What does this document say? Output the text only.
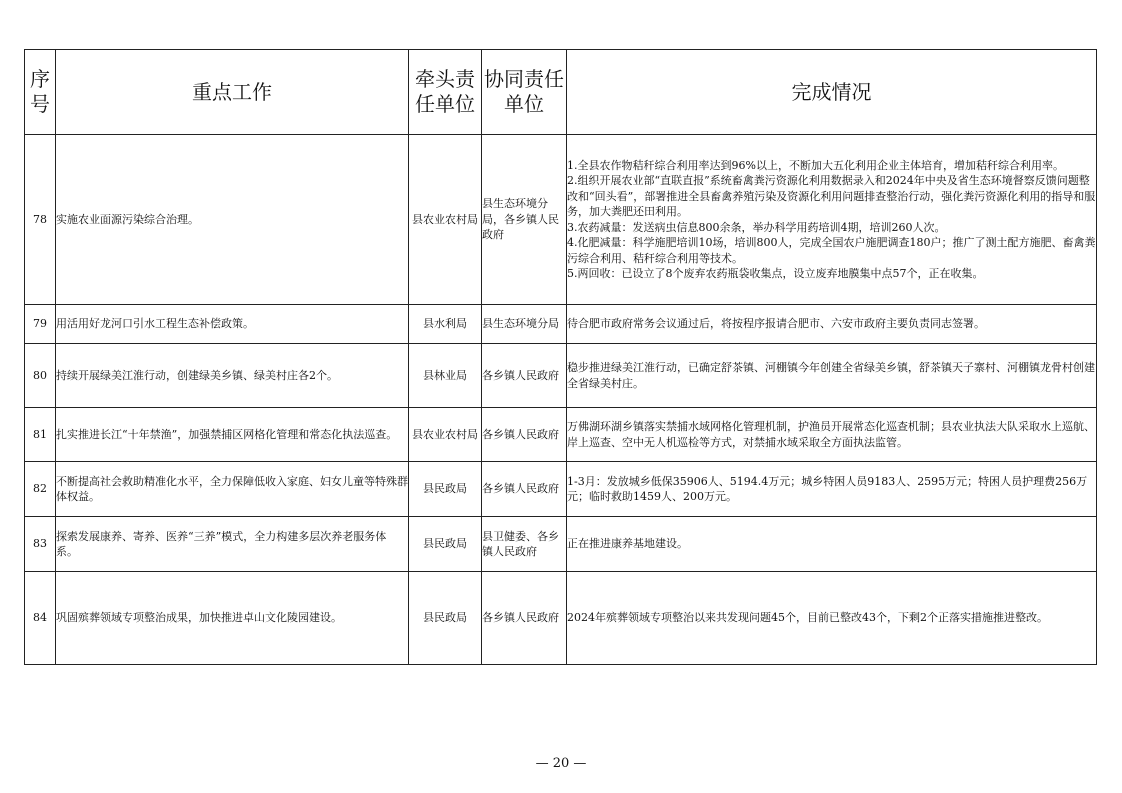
序号	重点工作	牵头责任单位	协同责任单位	完成情况
78	实施农业面源污染综合治理。	县农业农村局	县生态环境分局，各乡镇人民政府	1.全县农作物秸秆综合利用率达到96%以上，不断加大五化利用企业主体培育，增加秸秆综合利用率。
2.组织开展农业部“直联直报”系统畜禽粪污资源化利用数据录入和2024年中央及省生态环境督察反馈问题整改和“回头看”，部署推进全县畜禽养殖污染及资源化利用问题排查整治行动，强化粪污资源化利用的指导和服务，加大粪肥还田利用。
3.农药减量：发送病虫信息800余条，举办科学用药培训4期，培训260人次。
4.化肥减量：科学施肥培训10场，培训800人，完成全国农户施肥调查180户；推广了测土配方施肥、畜禽粪污综合利用、秸秆综合利用等技术。
5.两回收：已设立了8个废弃农药瓶袋收集点，设立废弃地膜集中点57个，正在收集。

79	用活用好龙河口引水工程生态补偿政策。	县水利局	县生态环境分局	待合肥市政府常务会议通过后，将按程序报请合肥市、六安市政府主要负责同志签署。

80	持续开展绿美江淮行动，创建绿美乡镇、绿美村庄各2个。	县林业局	各乡镇人民政府	稳步推进绿美江淮行动，已确定舒茶镇、河棚镇今年创建全省绿美乡镇，舒茶镇天子寨村、河棚镇龙骨村创建全省绿美村庄。

81	扎实推进长江“十年禁渔”，加强禁捕区网格化管理和常态化执法巡查。	县农业农村局	各乡镇人民政府	万佛湖环湖乡镇落实禁捕水域网格化管理机制，护渔员开展常态化巡查机制；县农业执法大队采取水上巡航、岸上巡查、空中无人机巡检等方式，对禁捕水域采取全方面执法监管。

82	不断提高社会救助精准化水平，全力保障低收入家庭、妇女儿童等特殊群体权益。	县民政局	各乡镇人民政府	1-3月：发放城乡低保35906人、5194.4万元；城乡特困人员9183人、2595万元；特困人员护理费256万元；临时救助1459人、200万元。

83	探索发展康养、寄养、医养“三养”模式，全力构建多层次养老服务体系。	县民政局	县卫健委、各乡镇人民政府	正在推进康养基地建设。

84	巩固殡葬领域专项整治成果，加快推进卓山文化陵园建设。	县民政局	各乡镇人民政府	2024年殡葬领域专项整治以来共发现问题45个，目前已整改43个，下剩2个正落实措施推进整改。
— 20 —
